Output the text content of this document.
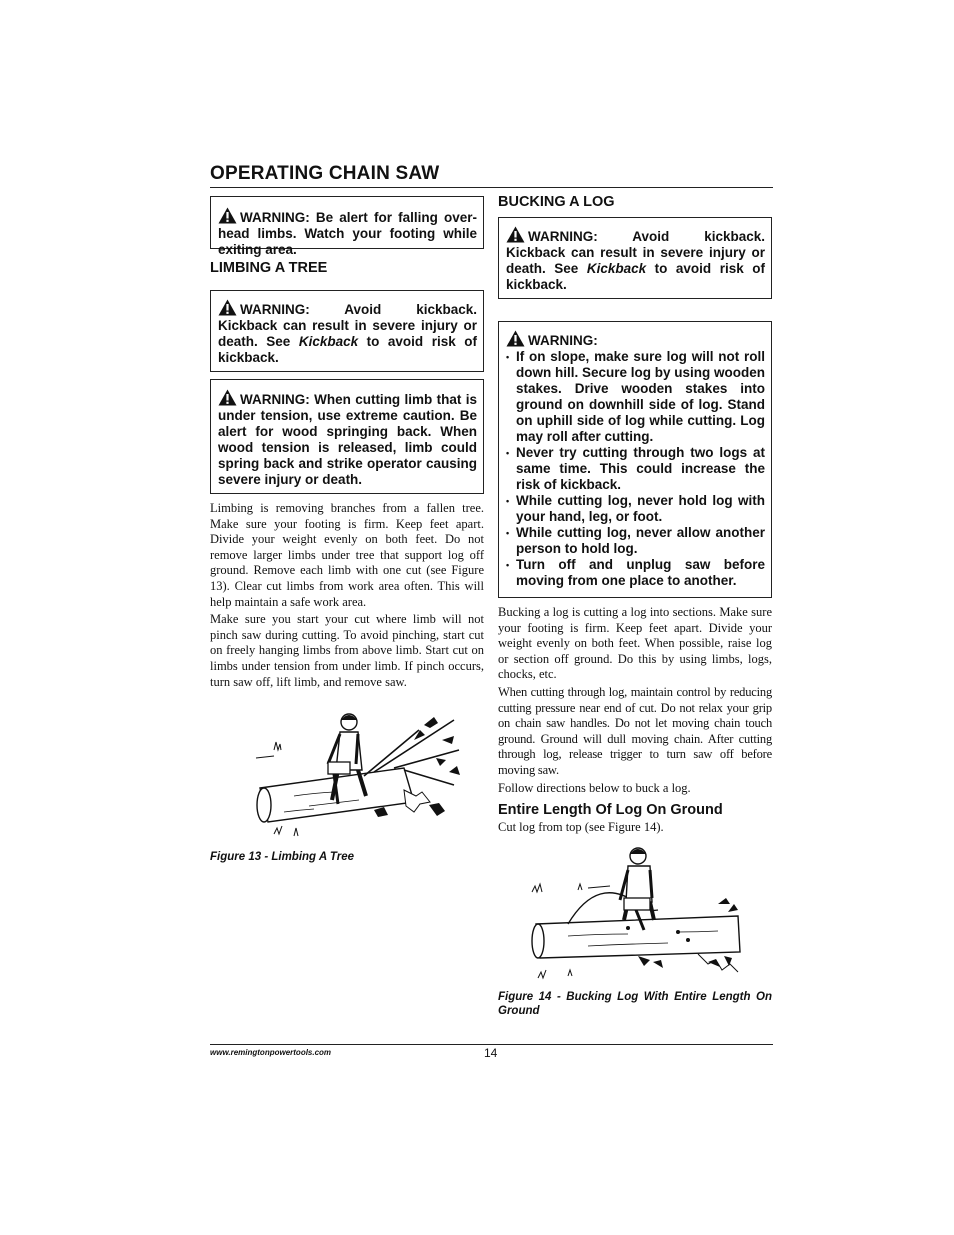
OPERATING CHAIN SAW
WARNING: Be alert for falling over-head limbs. Watch your footing while exiting area.
LIMBING A TREE
WARNING: Avoid kickback. Kickback can result in severe injury or death. See Kickback to avoid risk of kickback.
WARNING: When cutting limb that is under tension, use extreme caution. Be alert for wood springing back. When wood tension is released, limb could spring back and strike operator causing severe injury or death.

Limbing is removing branches from a fallen tree. Make sure your footing is firm. Keep feet apart. Divide your weight evenly on both feet. Do not remove larger limbs under tree that support log off ground. Remove each limb with one cut (see Figure 13). Clear cut limbs from work area often. This will help maintain a safe work area.

Make sure you start your cut where limb will not pinch saw during cutting. To avoid pinching, start cut on freely hanging limbs from above limb. Start cut on limbs under tension from under limb. If pinch occurs, turn saw off, lift limb, and remove saw.

Figure 13 - Limbing A Tree
BUCKING A LOG
WARNING: Avoid kickback. Kickback can result in severe injury or death. See Kickback to avoid risk of kickback.
WARNING:
• If on slope, make sure log will not roll down hill. Secure log by using wooden stakes. Drive wooden stakes into ground on downhill side of log. Stand on uphill side of log while cutting. Log may roll after cutting.
• Never try cutting through two logs at same time. This could increase the risk of kickback.
• While cutting log, never hold log with your hand, leg, or foot.
• While cutting log, never allow another person to hold log.
• Turn off and unplug saw before moving from one place to another.

Bucking a log is cutting a log into sections. Make sure your footing is firm. Keep feet apart. Divide your weight evenly on both feet. When possible, raise log or section off ground. Do this by using limbs, logs, chocks, etc.

When cutting through log, maintain control by reducing cutting pressure near end of cut. Do not relax your grip on chain saw handles. Do not let moving chain touch ground. Ground will dull moving chain. After cutting through log, release trigger to turn saw off before moving saw.

Follow directions below to buck a log.

Entire Length Of Log On Ground

Cut log from top (see Figure 14).

Figure 14 - Bucking Log With Entire Length On Ground
www.remingtonpowertools.com	14
